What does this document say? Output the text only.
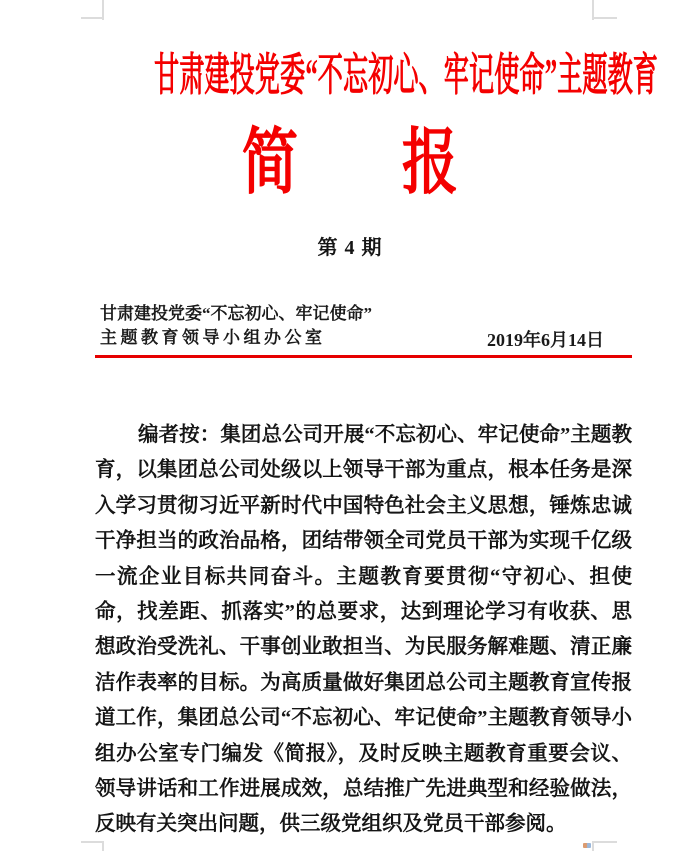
甘肃建投党委“不忘初心、牢记使命”主题教育
简 报
第 4 期
甘肃建投党委“不忘初心、牢记使命”
主题教育领导小组办公室	2019年6月14日

编者按：集团总公司开展“不忘初心、牢记使命”主题教育，以集团总公司处级以上领导干部为重点，根本任务是深入学习贯彻习近平新时代中国特色社会主义思想，锤炼忠诚干净担当的政治品格，团结带领全司党员干部为实现千亿级一流企业目标共同奋斗。主题教育要贯彻“守初心、担使命，找差距、抓落实”的总要求，达到理论学习有收获、思想政治受洗礼、干事创业敢担当、为民服务解难题、清正廉洁作表率的目标。为高质量做好集团总公司主题教育宣传报道工作，集团总公司“不忘初心、牢记使命”主题教育领导小组办公室专门编发《简报》，及时反映主题教育重要会议、领导讲话和工作进展成效，总结推广先进典型和经验做法，反映有关突出问题，供三级党组织及党员干部参阅。
